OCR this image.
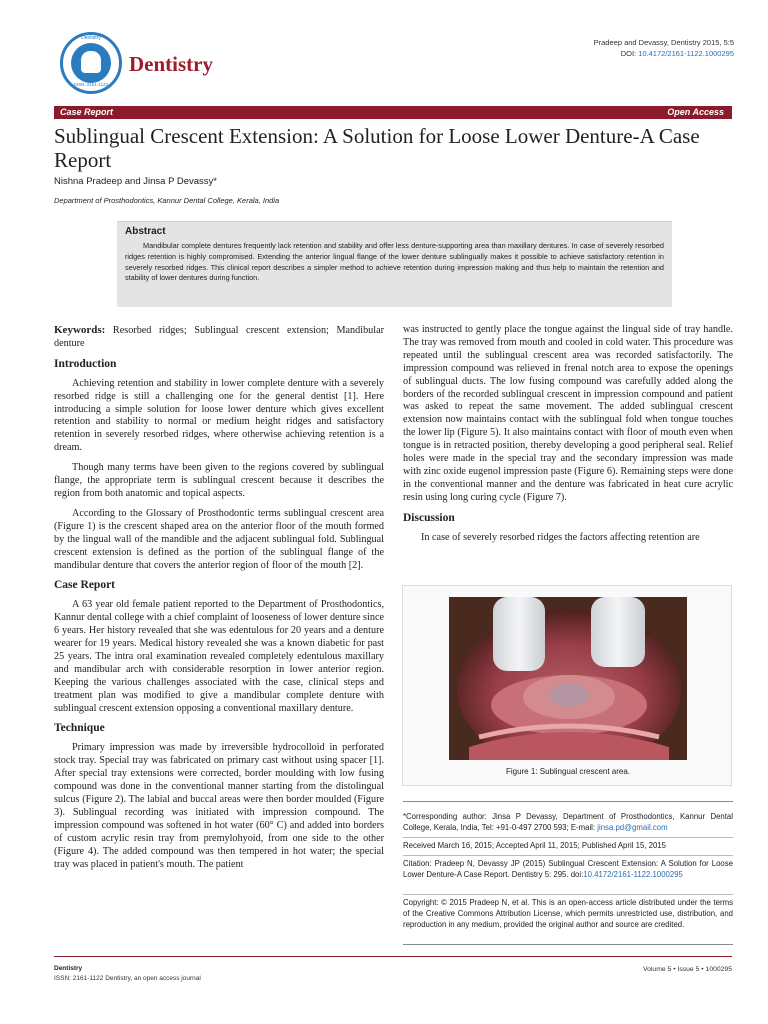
Dentistry
ISSN: 2161-1122
Dentistry
Pradeep and Devassy, Dentistry 2015, 5:5
DOI: 10.4172/2161-1122.1000295
Case Report	Open Access
Sublingual Crescent Extension: A Solution for Loose Lower Denture-A Case Report
Nishna Pradeep and Jinsa P Devassy*
Department of Prosthodontics, Kannur Dental College, Kerala, India
Abstract

Mandibular complete dentures frequently lack retention and stability and offer less denture-supporting area than maxillary dentures. In case of severely resorbed ridges retention is highly compromised. Extending the anterior lingual flange of the lower denture sublingually makes it possible to achieve satisfactory retention in severely resorbed ridges. This clinical report describes a simpler method to achieve retention during impression making and thus help to maintain the retention and stability of lower dentures during function.

Keywords: Resorbed ridges; Sublingual crescent extension; Mandibular denture

Introduction

Achieving retention and stability in lower complete denture with a severely resorbed ridge is still a challenging one for the general dentist [1]. Here introducing a simple solution for loose lower denture which gives excellent retention and stability to normal or medium height ridges and satisfactory retention in severely resorbed ridges, where otherwise achieving retention is a dream.

Though many terms have been given to the regions covered by sublingual flange, the appropriate term is sublingual crescent because it describes the region from both anatomic and topical aspects.

According to the Glossary of Prosthodontic terms sublingual crescent area (Figure 1) is the crescent shaped area on the anterior floor of the mouth formed by the lingual wall of the mandible and the adjacent sublingual fold. Sublingual crescent extension is defined as the portion of the sublingual flange of the mandibular denture that covers the anterior region of floor of the mouth [2].

Case Report

A 63 year old female patient reported to the Department of Prosthodontics, Kannur dental college with a chief complaint of looseness of lower denture since 6 years. Her history revealed that she was edentulous for 20 years and a denture wearer for 19 years. Medical history revealed she was a known diabetic for past 25 years. The intra oral examination revealed completely edentulous maxillary and mandibular arch with considerable resorption in lower anterior region. Keeping the various challenges associated with the case, clinical steps and treatment plan was modified to give a mandibular complete denture with sublingual crescent extension opposing a conventional maxillary denture.

Technique

Primary impression was made by irreversible hydrocolloid in perforated stock tray. Special tray was fabricated on primary cast without using spacer [1]. After special tray extensions were corrected, border moulding with low fusing compound was done in the conventional manner starting from the distolingual sulcus (Figure 2). The labial and buccal areas were then border moulded (Figure 3). Sublingual recording was initiated with impression compound. The impression compound was softened in hot water (60° C) and added into borders of custom acrylic resin tray from premylohyoid, from one side to the other (Figure 4). The added compound was then tempered in hot water; the special tray was placed in patient's mouth. The patient

was instructed to gently place the tongue against the lingual side of tray handle. The tray was removed from mouth and cooled in cold water. This procedure was repeated until the sublingual crescent area was recorded satisfactorily. The impression compound was relieved in frenal notch area to expose the openings of sublingual ducts. The low fusing compound was carefully added along the borders of the recorded sublingual crescent in impression compound and patient was asked to repeat the same movement. The added sublingual crescent extension now maintains contact with the sublingual fold when tongue touches the lower lip (Figure 5). It also maintains contact with floor of mouth even when tongue is in retracted position, thereby developing a good peripheral seal. Relief holes were made in the special tray and the secondary impression was made with zinc oxide eugenol impression paste (Figure 6). Remaining steps were done in the conventional manner and the denture was fabricated in heat cure acrylic resin using long curing cycle (Figure 7).

Discussion

In case of severely resorbed ridges the factors affecting retention are

Figure 1: Sublingual crescent area.
*Corresponding author: Jinsa P Devassy, Department of Prosthodontics, Kannur Dental College, Kerala, India, Tel: +91-0-497 2700 593; E-mail: jinsa.pd@gmail.com
Received March 16, 2015; Accepted April 11, 2015; Published April 15, 2015
Citation: Pradeep N, Devassy JP (2015) Sublingual Crescent Extension: A Solution for Loose Lower Denture-A Case Report. Dentistry 5: 295. doi:10.4172/2161-1122.1000295
Copyright: © 2015 Pradeep N, et al. This is an open-access article distributed under the terms of the Creative Commons Attribution License, which permits unrestricted use, distribution, and reproduction in any medium, provided the original author and source are credited.
Dentistry
ISSN: 2161-1122 Dentistry, an open access journal
Volume 5 • Issue 5 • 1000295
